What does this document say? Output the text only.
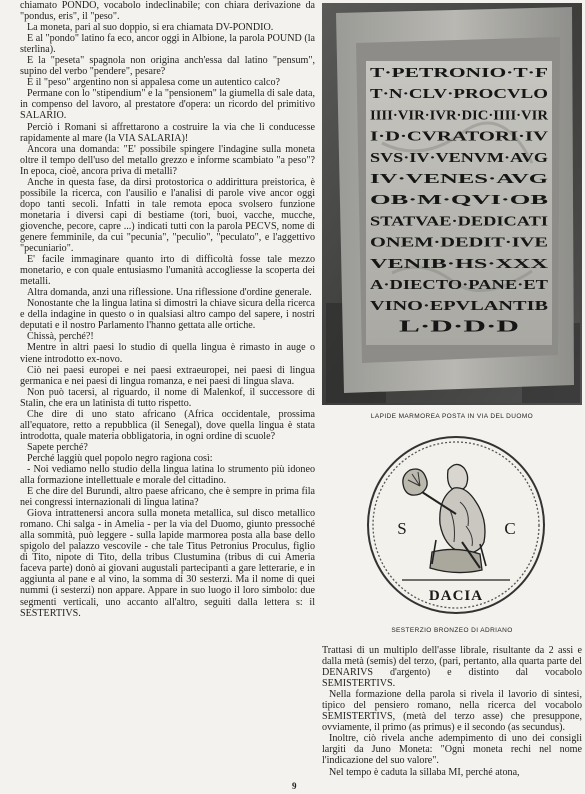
chiamato PONDO, vocabolo indeclinabile; con chiara derivazione da "pondus, eris", il "peso".

La moneta, pari al suo doppio, si era chiamata DV-PONDIO.

E al "pondo" latino fa eco, ancor oggi in Albione, la parola POUND (la sterlina).

E la "peseta" spagnola non origina anch'essa dal latino "pensum", supino del verbo "pendere", pesare?

E il "peso" argentino non si appalesa come un autentico calco?

Permane con lo "stipendium" e la "pensionem" la giumella di sale data, in compenso del lavoro, al prestatore d'opera: un ricordo del primitivo SALARIO.

Perciò i Romani si affrettarono a costruire la via che li conducesse rapidamente al mare (la VIA SALARIA)!

Ancora una domanda: "E' possibile spingere l'indagine sulla moneta oltre il tempo dell'uso del metallo grezzo e informe scambiato "a peso"? In epoca, cioè, ancora priva di metalli?

Anche in questa fase, da dirsi protostorica o addirittura preistorica, è possibile la ricerca, con l'ausilio e l'analisi di parole vive ancor oggi dopo tanti secoli. Infatti in tale remota epoca svolsero funzione monetaria i diversi capi di bestiame (tori, buoi, vacche, mucche, giovenche, pecore, capre ...) indicati tutti con la parola PECVS, nome di genere femminile, da cui "pecunia", "peculio", "peculato", e l'aggettivo "pecuniario".

E' facile immaginare quanto irto di difficoltà fosse tale mezzo monetario, e con quale entusiasmo l'umanità accogliesse la scoperta dei metalli.

Altra domanda, anzi una riflessione. Una riflessione d'ordine generale.

Nonostante che la lingua latina si dimostri la chiave sicura della ricerca e della indagine in questo o in qualsiasi altro campo del sapere, i nostri deputati e il nostro Parlamento l'hanno gettata alle ortiche.

Chissà, perché?!

Mentre in altri paesi lo studio di quella lingua è rimasto in auge o viene introdotto ex-novo.

Ciò nei paesi europei e nei paesi extraeuropei, nei paesi di lingua germanica e nei paesi di lingua romanza, e nei paesi di lingua slava.

Non può tacersi, al riguardo, il nome di Malenkof, il successore di Stalin, che era un latinista di tutto rispetto.

Che dire di uno stato africano (Africa occidentale, prossima all'equatore, retto a repubblica (il Senegal), dove quella lingua è stata introdotta, quale materia obbligatoria, in ogni ordine di scuole?

Sapete perché?

Perché laggiù quel popolo negro ragiona così:

- Noi vediamo nello studio della lingua latina lo strumento più idoneo alla formazione intellettuale e morale del cittadino.

E che dire del Burundi, altro paese africano, che è sempre in prima fila nei congressi internazionali di lingua latina?

Giova intrattenersi ancora sulla moneta metallica, sul disco metallico romano. Chi salga - in Amelia - per la via del Duomo, giunto pressoché alla sommità, può leggere - sulla lapide marmorea posta alla base dello spigolo del palazzo vescovile - che tale Titus Petronius Proculus, figlio di Tito, nipote di Tito, della tribus Clustumina (tribus di cui Ameria faceva parte) donò ai giovani augustali partecipanti a gare letterarie, e in aggiunta al pane e al vino, la somma di 30 sesterzi. Ma il nome di quei nummi (i sesterzi) non appare. Appare in suo luogo il loro simbolo: due segmenti verticali, uno accanto all'altro, seguiti dalla lettera s: il SESTERTIVS.

T·PETRONIO·T·F
T·N·CLV·PROCVLO
IIII·VIR·IVR·DIC·IIII·VIR
I·D·CVRATORI·IV
SVS·IV·VENVM·AVG
IV·VENES·AVG
OB·M·QVI·OB
STATVAE·DEDICATI
ONEM·DEDIT·IVE
VENIB·HS·XXX
A·DIECTO·PANE·ET
VINO·EPVLANTIB
L·D·D·D
LAPIDE MARMOREA POSTA IN VIA DEL DUOMO
S	C
DACIA
SESTERZIO BRONZEO DI ADRIANO

Trattasi di un multiplo dell'asse librale, risultante da 2 assi e dalla metà (semis) del terzo, (pari, pertanto, alla quarta parte del DENARIVS d'argento) e distinto dal vocabolo SEMISTERTIVS.

Nella formazione della parola si rivela il lavorio di sintesi, tipico del pensiero romano, nella ricerca del vocabolo SEMISTERTIVS, (metà del terzo asse) che presuppone, ovviamente, il primo (as primus) e il secondo (as secundus).

Inoltre, ciò rivela anche adempimento di uno dei consigli largiti da Juno Moneta: "Ogni moneta rechi nel nome l'indicazione del suo valore".

Nel tempo è caduta la sillaba MI, perché atona,

9
